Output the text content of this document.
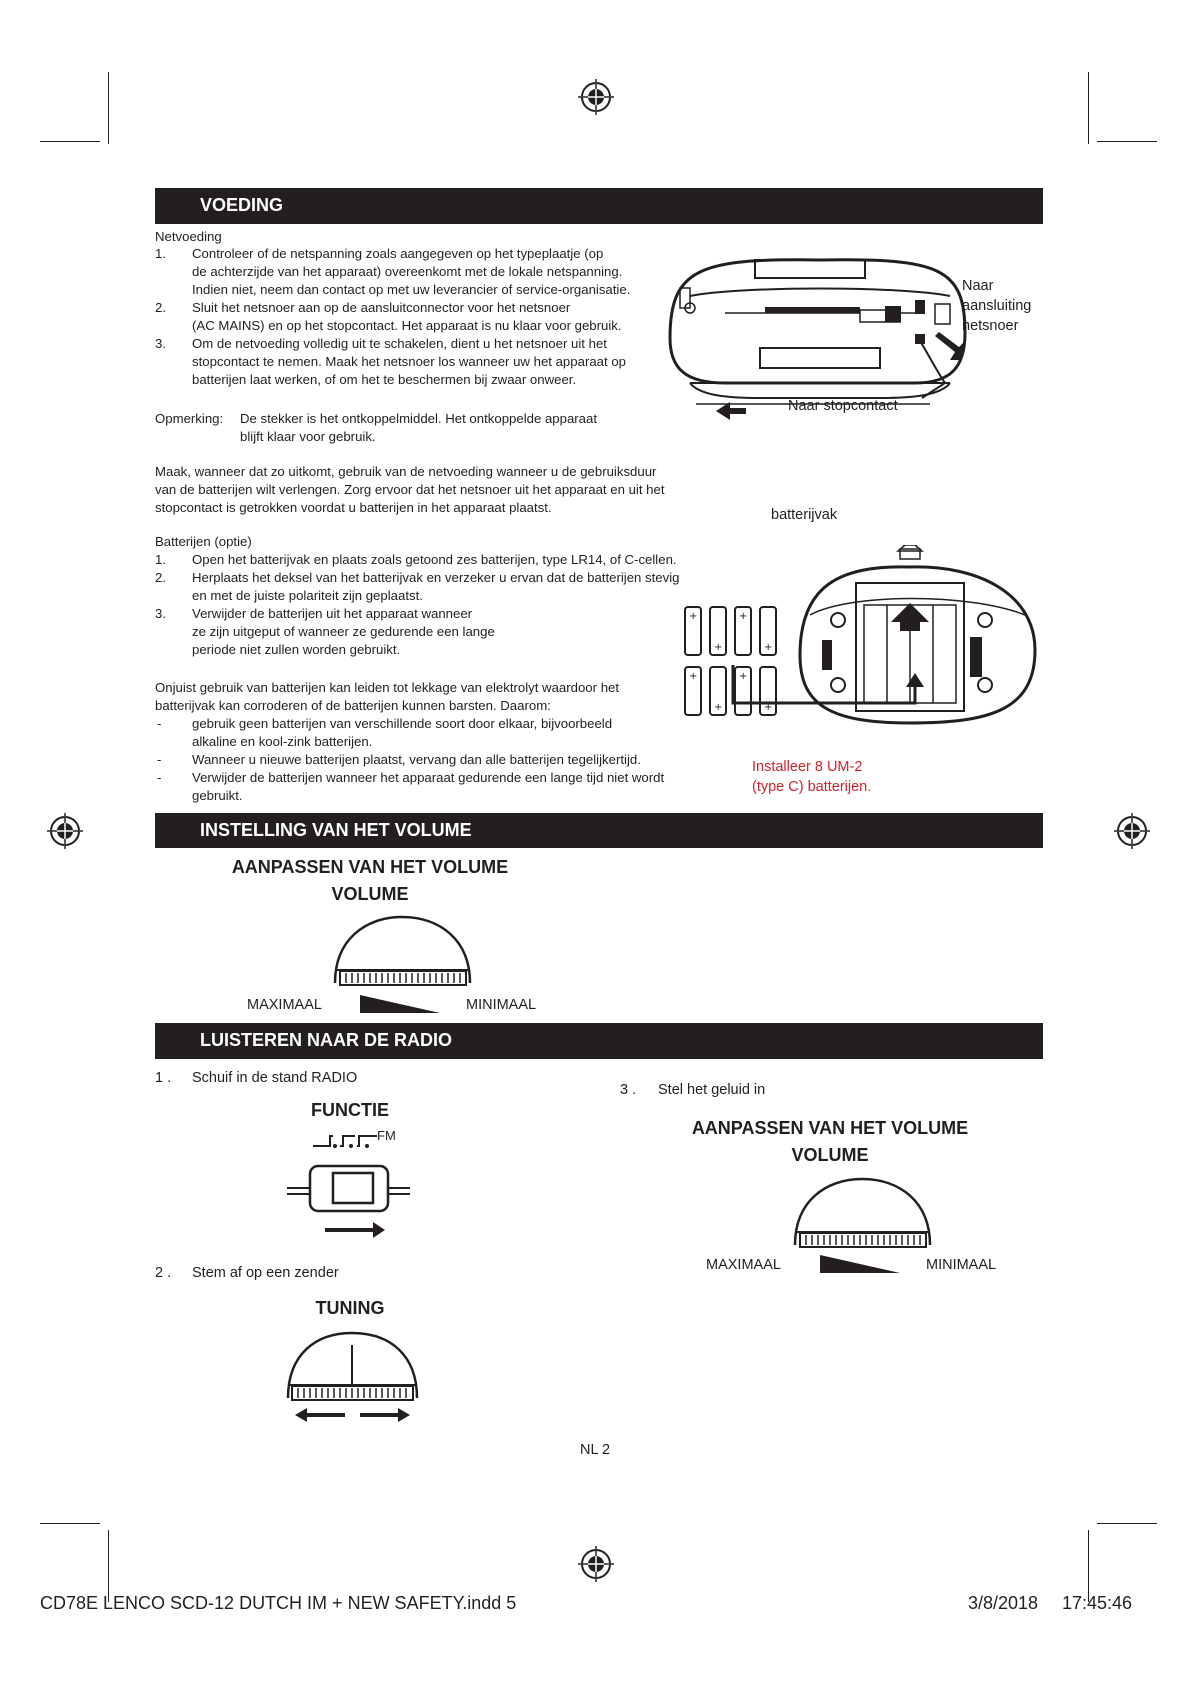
VOEDING
Netvoeding
1. Controleer of de netspanning zoals aangegeven op het typeplaatje (op
de achterzijde van het apparaat) overeenkomt met de lokale netspanning.
Indien niet, neem dan contact op met uw leverancier of service-organisatie.
2. Sluit het netsnoer aan op de aansluitconnector voor het netsnoer
(AC MAINS) en op het stopcontact. Het apparaat is nu klaar voor gebruik.
3. Om de netvoeding volledig uit te schakelen, dient u het netsnoer uit het
stopcontact te nemen. Maak het netsnoer los wanneer uw het apparaat op
batterijen laat werken, of om het te beschermen bij zwaar onweer.
Opmerking: De stekker is het ontkoppelmiddel. Het ontkoppelde apparaat
blijft klaar voor gebruik.
Maak, wanneer dat zo uitkomt, gebruik van de netvoeding wanneer u de gebruiksduur
van de batterijen wilt verlengen. Zorg ervoor dat het netsnoer uit het apparaat en uit het
stopcontact is getrokken voordat u batterijen in het apparaat plaatst.
Batterijen (optie)
1. Open het batterijvak en plaats zoals getoond zes batterijen, type LR14, of C-cellen.
2. Herplaats het deksel van het batterijvak en verzeker u ervan dat de batterijen stevig
en met de juiste polariteit zijn geplaatst.
3. Verwijder de batterijen uit het apparaat wanneer
ze zijn uitgeput of wanneer ze gedurende een lange
periode niet zullen worden gebruikt.
Onjuist gebruik van batterijen kan leiden tot lekkage van elektrolyt waardoor het
batterijvak kan corroderen of de batterijen kunnen barsten. Daarom:
- gebruik geen batterijen van verschillende soort door elkaar, bijvoorbeeld
alkaline en kool-zink batterijen.
- Wanneer u nieuwe batterijen plaatst, vervang dan alle batterijen tegelijkertijd.
- Verwijder de batterijen wanneer het apparaat gedurende een lange tijd niet wordt
gebruikt.
Naar
aansluiting
netsnoer
Naar stopcontact
batterijvak
+
+
+
+
+
+
+
+
Installeer 8 UM-2
(type C) batterijen.
INSTELLING VAN HET VOLUME
AANPASSEN VAN HET VOLUME
VOLUME
MAXIMAAL	MINIMAAL
LUISTEREN NAAR DE RADIO
1 . Schuif in de stand RADIO
FUNCTIE
FM
2 . Stem af op een zender
TUNING
3 . Stel het geluid in
AANPASSEN VAN HET VOLUME
VOLUME
MAXIMAAL	MINIMAAL
NL 2
CD78E LENCO SCD-12 DUTCH IM + NEW SAFETY.indd 5	3/8/2018 17:45:46
